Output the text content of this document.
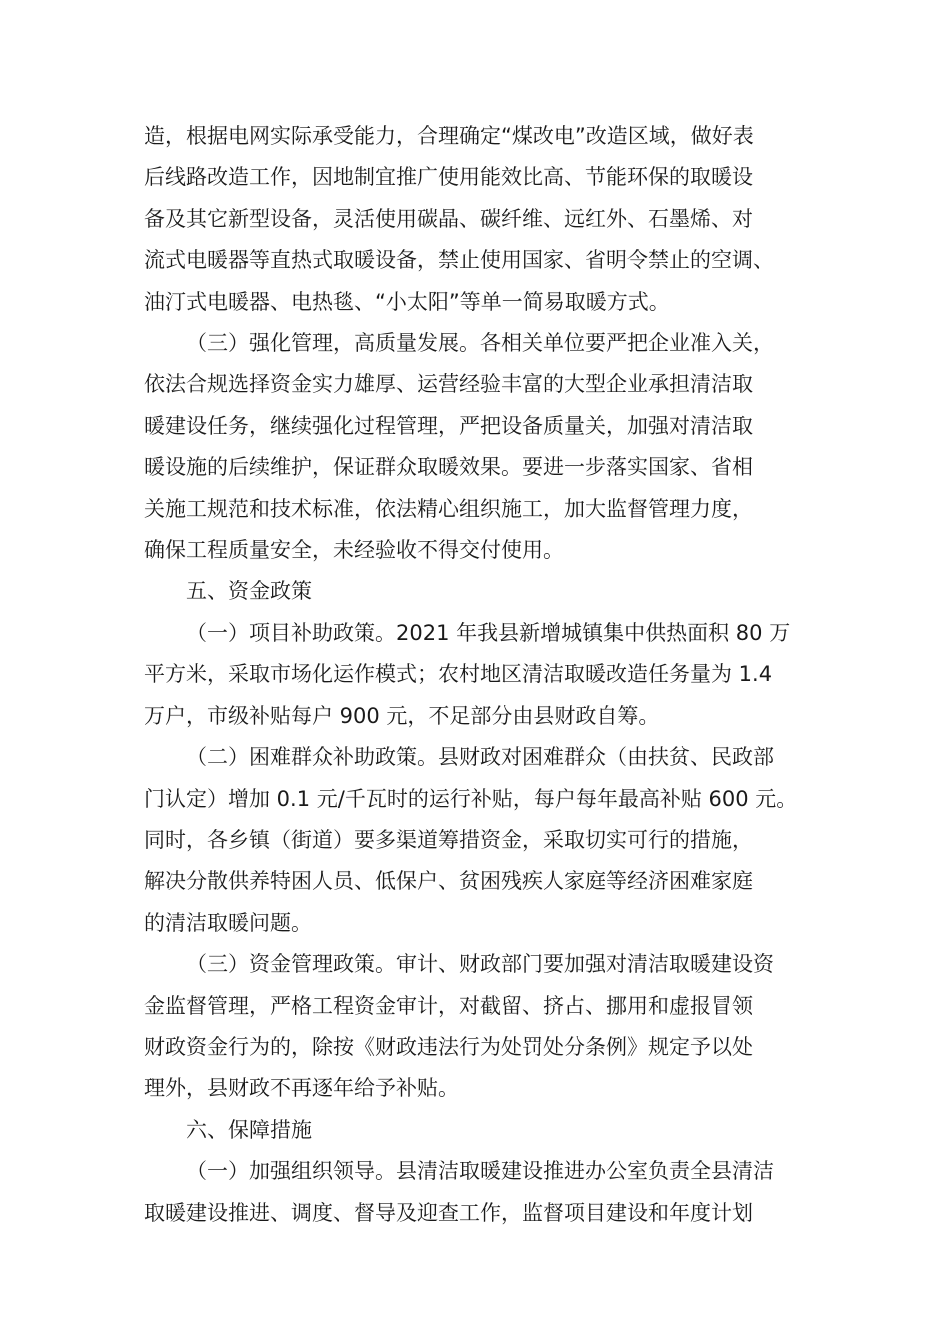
造，根据电网实际承受能力，合理确定“煤改电”改造区域，做好表
后线路改造工作，因地制宜推广使用能效比高、节能环保的取暖设
备及其它新型设备，灵活使用碳晶、碳纤维、远红外、石墨烯、对
流式电暖器等直热式取暖设备，禁止使用国家、省明令禁止的空调、
油汀式电暖器、电热毯、“小太阳”等单一简易取暖方式。

（三）强化管理，高质量发展。各相关单位要严把企业准入关，
依法合规选择资金实力雄厚、运营经验丰富的大型企业承担清洁取
暖建设任务，继续强化过程管理，严把设备质量关，加强对清洁取
暖设施的后续维护，保证群众取暖效果。要进一步落实国家、省相
关施工规范和技术标准，依法精心组织施工，加大监督管理力度，
确保工程质量安全，未经验收不得交付使用。

五、资金政策

（一）项目补助政策。2021 年我县新增城镇集中供热面积 80 万
平方米，采取市场化运作模式；农村地区清洁取暖改造任务量为 1.4
万户，市级补贴每户 900 元，不足部分由县财政自筹。

（二）困难群众补助政策。县财政对困难群众（由扶贫、民政部
门认定）增加 0.1 元/千瓦时的运行补贴，每户每年最高补贴 600 元。
同时，各乡镇（街道）要多渠道筹措资金，采取切实可行的措施，
解决分散供养特困人员、低保户、贫困残疾人家庭等经济困难家庭
的清洁取暖问题。

（三）资金管理政策。审计、财政部门要加强对清洁取暖建设资
金监督管理，严格工程资金审计，对截留、挤占、挪用和虚报冒领
财政资金行为的，除按《财政违法行为处罚处分条例》规定予以处
理外，县财政不再逐年给予补贴。

六、保障措施

（一）加强组织领导。县清洁取暖建设推进办公室负责全县清洁
取暖建设推进、调度、督导及迎查工作，监督项目建设和年度计划
